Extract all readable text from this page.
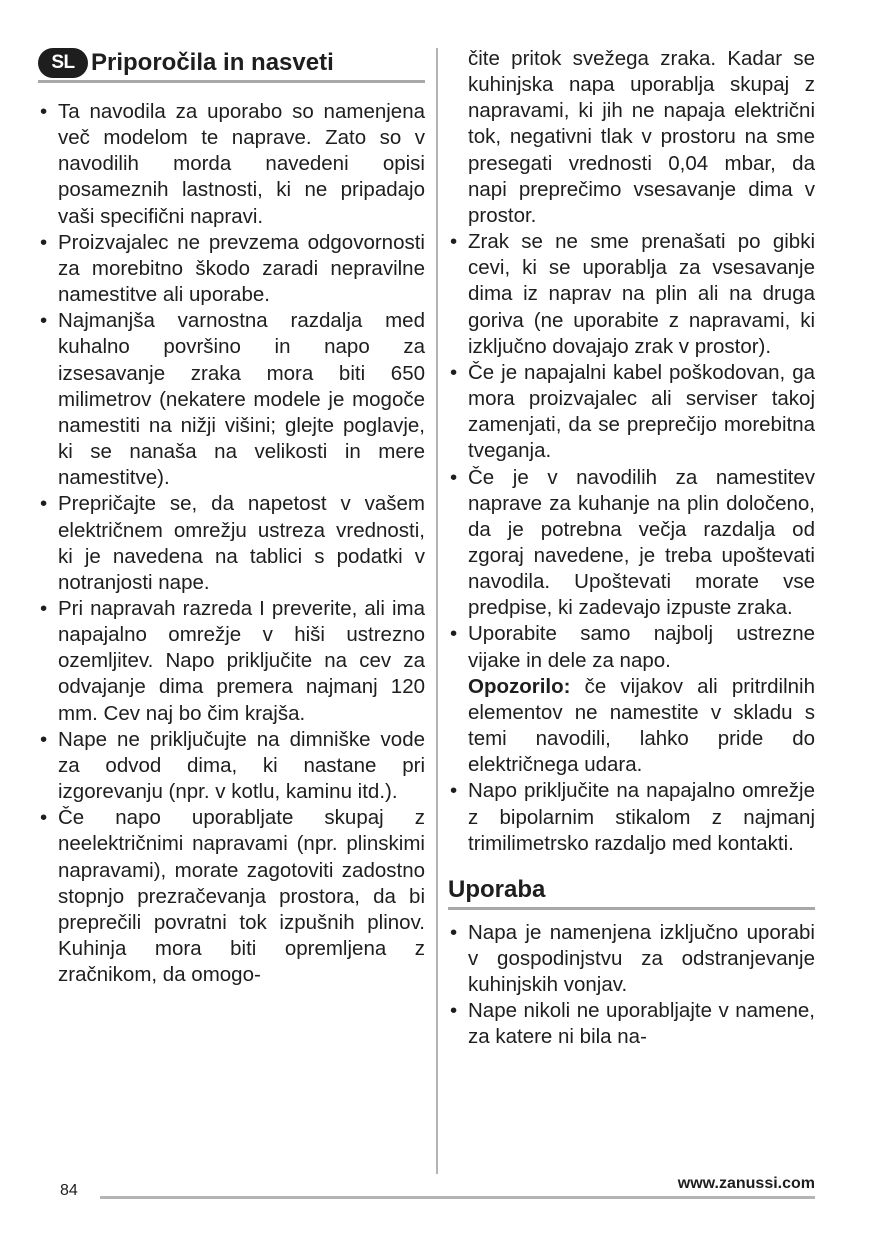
SL Priporočila in nasveti
• Ta navodila za uporabo so namenjena več modelom te naprave. Zato so v navodilih morda navedeni opisi posameznih lastnosti, ki ne pripadajo vaši specifični napravi.
• Proizvajalec ne prevzema odgovornosti za morebitno škodo zaradi nepravilne namestitve ali uporabe.
• Najmanjša varnostna razdalja med kuhalno površino in napo za izsesavanje zraka mora biti 650 milimetrov (nekatere modele je mogoče namestiti na nižji višini; glejte poglavje, ki se nanaša na velikosti in mere namestitve).
• Prepričajte se, da napetost v vašem električnem omrežju ustreza vrednosti, ki je navedena na tablici s podatki v notranjosti nape.
• Pri napravah razreda I preverite, ali ima napajalno omrežje v hiši ustrezno ozemljitev. Napo priključite na cev za odvajanje dima premera najmanj 120 mm. Cev naj bo čim krajša.
• Nape ne priključujte na dimniške vode za odvod dima, ki nastane pri izgorevanju (npr. v kotlu, kaminu itd.).
• Če napo uporabljate skupaj z neelektričnimi napravami (npr. plinskimi napravami), morate zagotoviti zadostno stopnjo prezračevanja prostora, da bi preprečili povratni tok izpušnih plinov. Kuhinja mora biti opremljena z zračnikom, da omogo-

čite pritok svežega zraka. Kadar se kuhinjska napa uporablja skupaj z napravami, ki jih ne napaja električni tok, negativni tlak v prostoru na sme presegati vrednosti 0,04 mbar, da napi preprečimo vsesavanje dima v prostor.

• Zrak se ne sme prenašati po gibki cevi, ki se uporablja za vsesavanje dima iz naprav na plin ali na druga goriva (ne uporabite z napravami, ki izključno dovajajo zrak v prostor).
• Če je napajalni kabel poškodovan, ga mora proizvajalec ali serviser takoj zamenjati, da se preprečijo morebitna tveganja.
• Če je v navodilih za namestitev naprave za kuhanje na plin določeno, da je potrebna večja razdalja od zgoraj navedene, je treba upoštevati navodila. Upoštevati morate vse predpise, ki zadevajo izpuste zraka.
• Uporabite samo najbolj ustrezne vijake in dele za napo.

Opozorilo: če vijakov ali pritrdilnih elementov ne namestite v skladu s temi navodili, lahko pride do električnega udara.

• Napo priključite na napajalno omrežje z bipolarnim stikalom z najmanj trimilimetrsko razdaljo med kontakti.
Uporaba
• Napa je namenjena izključno uporabi v gospodinjstvu za odstranjevanje kuhinjskih vonjav.
• Nape nikoli ne uporabljajte v namene, za katere ni bila na-
84	www.zanussi.com
